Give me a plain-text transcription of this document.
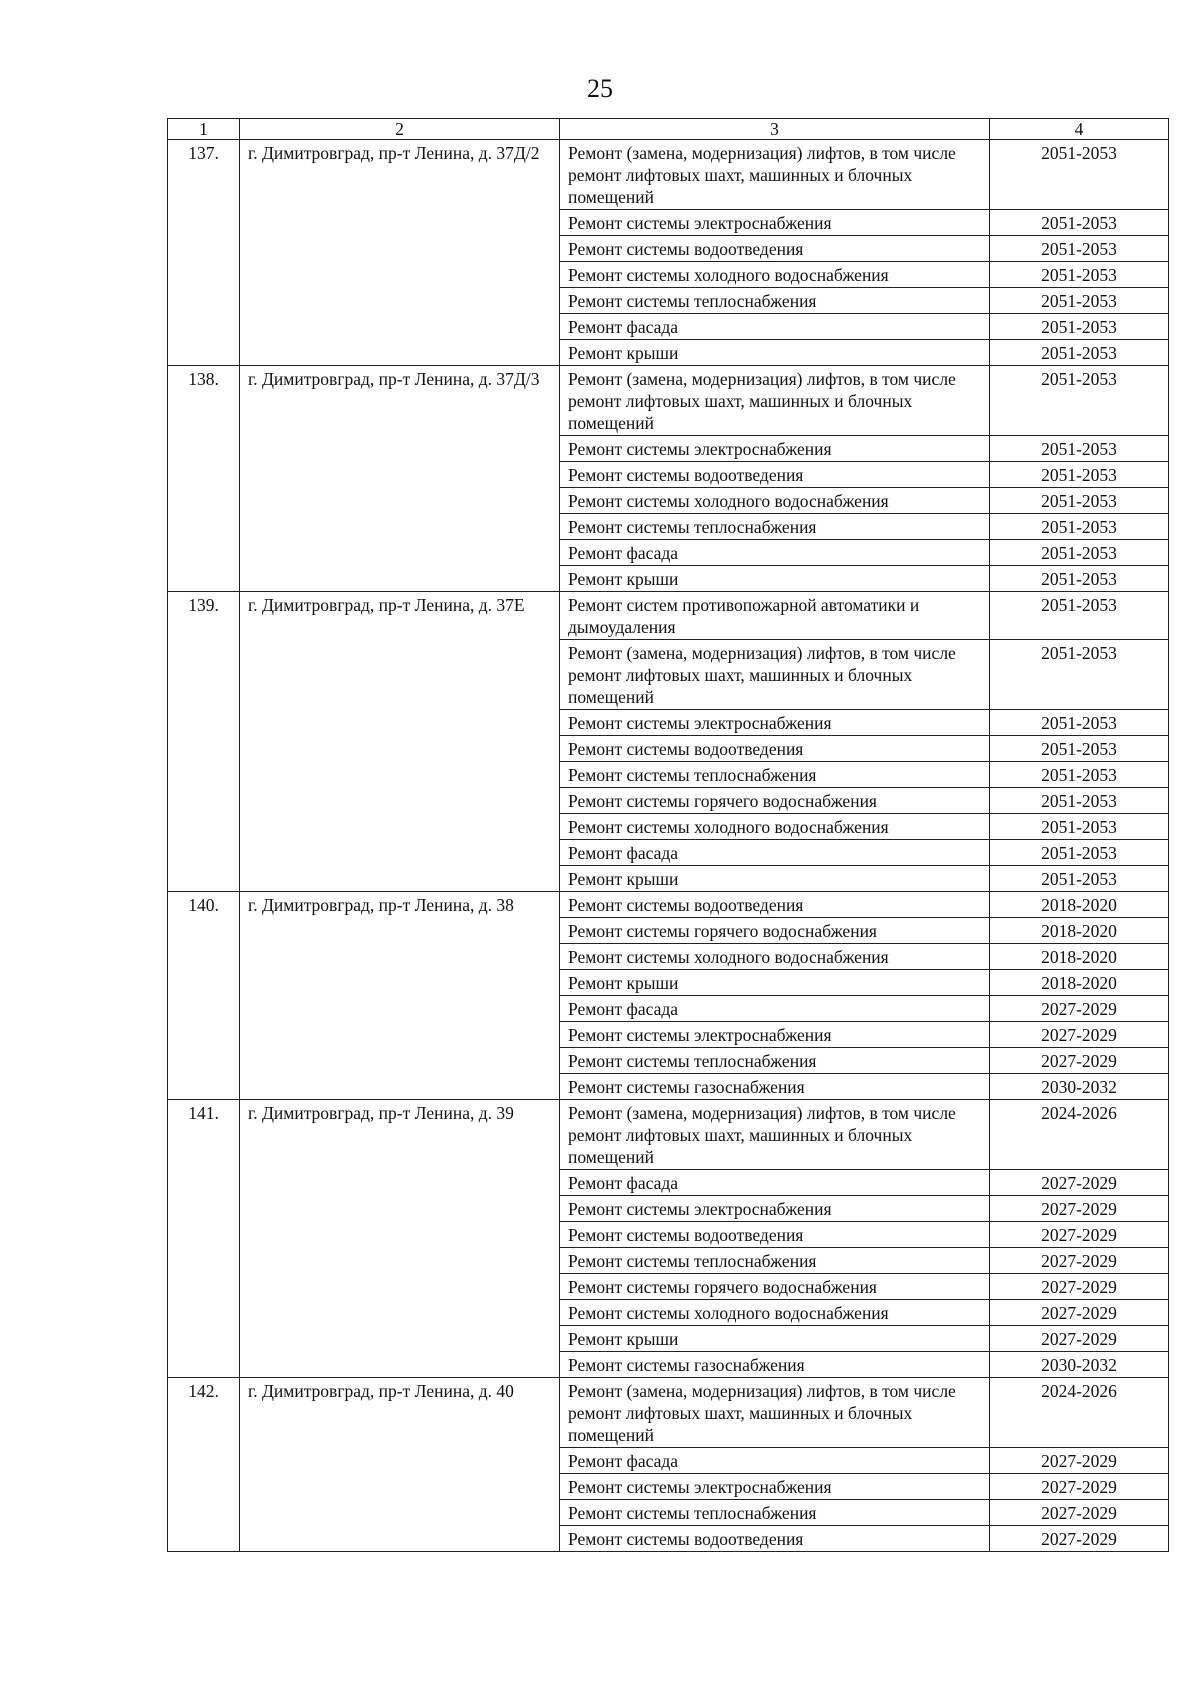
25
1	2	3	4
137.	г. Димитровград, пр-т Ленина, д. 37Д/2	Ремонт (замена, модернизация) лифтов, в том числе ремонт лифтовых шахт, машинных и блочных помещений	2051-2053
		Ремонт системы электроснабжения	2051-2053
		Ремонт системы водоотведения	2051-2053
		Ремонт системы холодного водоснабжения	2051-2053
		Ремонт системы теплоснабжения	2051-2053
		Ремонт фасада	2051-2053
		Ремонт крыши	2051-2053
138.	г. Димитровград, пр-т Ленина, д. 37Д/3	Ремонт (замена, модернизация) лифтов, в том числе ремонт лифтовых шахт, машинных и блочных помещений	2051-2053
		Ремонт системы электроснабжения	2051-2053
		Ремонт системы водоотведения	2051-2053
		Ремонт системы холодного водоснабжения	2051-2053
		Ремонт системы теплоснабжения	2051-2053
		Ремонт фасада	2051-2053
		Ремонт крыши	2051-2053
139.	г. Димитровград, пр-т Ленина, д. 37Е	Ремонт систем противопожарной автоматики и дымоудаления	2051-2053
		Ремонт (замена, модернизация) лифтов, в том числе ремонт лифтовых шахт, машинных и блочных помещений	2051-2053
		Ремонт системы электроснабжения	2051-2053
		Ремонт системы водоотведения	2051-2053
		Ремонт системы теплоснабжения	2051-2053
		Ремонт системы горячего водоснабжения	2051-2053
		Ремонт системы холодного водоснабжения	2051-2053
		Ремонт фасада	2051-2053
		Ремонт крыши	2051-2053
140.	г. Димитровград, пр-т Ленина, д. 38	Ремонт системы водоотведения	2018-2020
		Ремонт системы горячего водоснабжения	2018-2020
		Ремонт системы холодного водоснабжения	2018-2020
		Ремонт крыши	2018-2020
		Ремонт фасада	2027-2029
		Ремонт системы электроснабжения	2027-2029
		Ремонт системы теплоснабжения	2027-2029
		Ремонт системы газоснабжения	2030-2032
141.	г. Димитровград, пр-т Ленина, д. 39	Ремонт (замена, модернизация) лифтов, в том числе ремонт лифтовых шахт, машинных и блочных помещений	2024-2026
		Ремонт фасада	2027-2029
		Ремонт системы электроснабжения	2027-2029
		Ремонт системы водоотведения	2027-2029
		Ремонт системы теплоснабжения	2027-2029
		Ремонт системы горячего водоснабжения	2027-2029
		Ремонт системы холодного водоснабжения	2027-2029
		Ремонт крыши	2027-2029
		Ремонт системы газоснабжения	2030-2032
142.	г. Димитровград, пр-т Ленина, д. 40	Ремонт (замена, модернизация) лифтов, в том числе ремонт лифтовых шахт, машинных и блочных помещений	2024-2026
		Ремонт фасада	2027-2029
		Ремонт системы электроснабжения	2027-2029
		Ремонт системы теплоснабжения	2027-2029
		Ремонт системы водоотведения	2027-2029
